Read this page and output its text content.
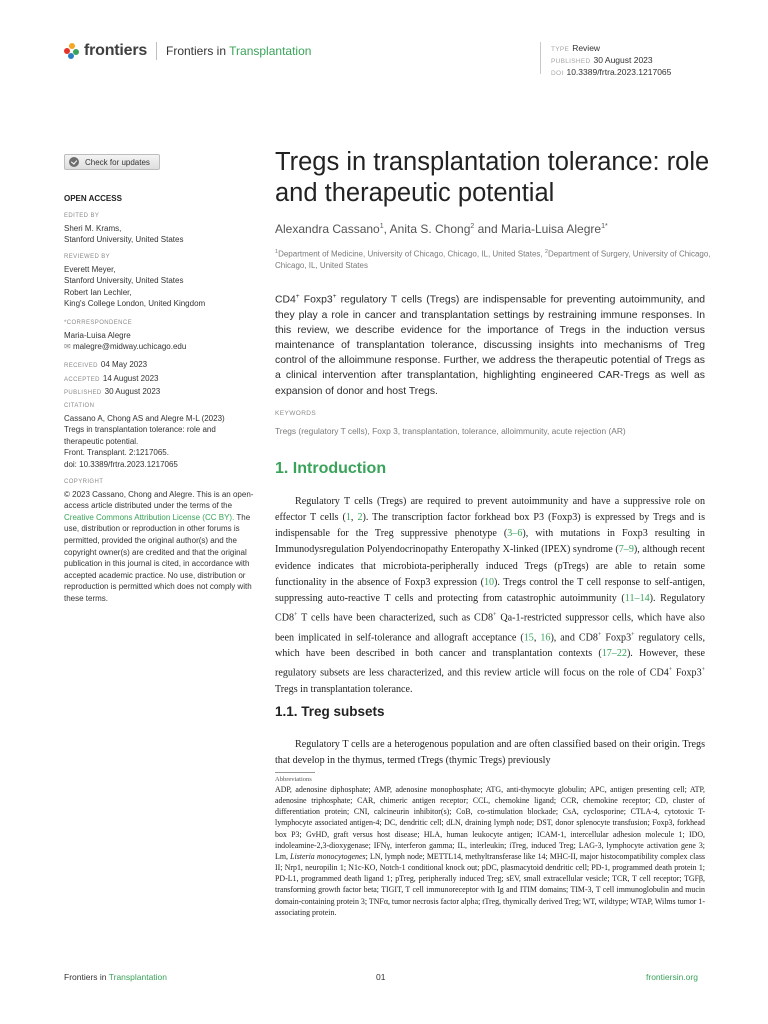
frontiers Frontiers in Transplantation	TYPE Review
PUBLISHED 30 August 2023
DOI 10.3389/frtra.2023.1217065
Check for updates
OPEN ACCESS
EDITED BY
Sheri M. Krams,
Stanford University, United States
REVIEWED BY
Everett Meyer,
Stanford University, United States
Robert Ian Lechler,
King's College London, United Kingdom
*CORRESPONDENCE
Maria-Luisa Alegre
✉ malegre@midway.uchicago.edu
RECEIVED 04 May 2023
ACCEPTED 14 August 2023
PUBLISHED 30 August 2023
CITATION
Cassano A, Chong AS and Alegre M-L (2023)
Tregs in transplantation tolerance: role and therapeutic potential.
Front. Transplant. 2:1217065.
doi: 10.3389/frtra.2023.1217065
COPYRIGHT
© 2023 Cassano, Chong and Alegre. This is an open-access article distributed under the terms of the Creative Commons Attribution License (CC BY). The use, distribution or reproduction in other forums is permitted, provided the original author(s) and the copyright owner(s) are credited and that the original publication in this journal is cited, in accordance with accepted academic practice. No use, distribution or reproduction is permitted which does not comply with these terms.
Tregs in transplantation tolerance: role and therapeutic potential
Alexandra Cassano$^1$, Anita S. Chong$^2$ and Maria-Luisa Alegre$^{1*}$
$^1$Department of Medicine, University of Chicago, Chicago, IL, United States, $^2$Department of Surgery, University of Chicago, Chicago, IL, United States
CD4+ Foxp3+ regulatory T cells (Tregs) are indispensable for preventing autoimmunity, and they play a role in cancer and transplantation settings by restraining immune responses. In this review, we describe evidence for the importance of Tregs in the induction versus maintenance of transplantation tolerance, discussing insights into mechanisms of Treg control of the alloimmune response. Further, we address the therapeutic potential of Tregs as a clinical intervention after transplantation, highlighting engineered CAR-Tregs as well as expansion of donor and host Tregs.
KEYWORDS
Tregs (regulatory T cells), Foxp 3, transplantation, tolerance, alloimmunity, acute rejection (AR)
1. Introduction
Regulatory T cells (Tregs) are required to prevent autoimmunity and have a suppressive role on effector T cells (1, 2). The transcription factor forkhead box P3 (Foxp3) is expressed by Tregs and is indispensable for the Treg suppressive phenotype (3–6), with mutations in Foxp3 resulting in Immunodysregulation Polyendocrinopathy Enteropathy X-linked (IPEX) syndrome (7–9), although recent evidence indicates that microbiota-peripherally induced Tregs (pTregs) are able to retain some functionality in the absence of Foxp3 expression (10). Tregs control the T cell response to self-antigen, suppressing auto-reactive T cells and protecting from catastrophic autoimmunity (11–14). Regulatory CD8+ T cells have been characterized, such as CD8+ Qa-1-restricted suppressor cells, which have also been implicated in self-tolerance and allograft acceptance (15, 16), and CD8+ Foxp3+ regulatory cells, which have been described in both cancer and transplantation contexts (17–22). However, these regulatory subsets are less characterized, and this review article will focus on the role of CD4+ Foxp3+ Tregs in transplantation tolerance.
1.1. Treg subsets
Regulatory T cells are a heterogenous population and are often classified based on their origin. Tregs that develop in the thymus, termed tTregs (thymic Tregs) previously
Abbreviations
ADP, adenosine diphosphate; AMP, adenosine monophosphate; ATG, anti-thymocyte globulin; APC, antigen presenting cell; ATP, adenosine triphosphate; CAR, chimeric antigen receptor; CCL, chemokine ligand; CCR, chemokine receptor; CD, cluster of differentiation protein; CNI, calcineurin inhibitor(s); CoB, co-stimulation blockade; CsA, cyclosporine; CTLA-4, cytotoxic T-lymphocyte associated antigen-4; DC, dendritic cell; dLN, draining lymph node; DST, donor splenocyte transfusion; Foxp3, forkhead box P3; GvHD, graft versus host disease; HLA, human leukocyte antigen; ICAM-1, intercellular adhesion molecule 1; IDO, indoleamine-2,3-dioxygenase; IFNγ, interferon gamma; IL, interleukin; iTreg, induced Treg; LAG-3, lymphocyte activation gene 3; Lm, Listeria monocytogenes; LN, lymph node; METTL14, methyltransferase like 14; MHC-II, major histocompatibility complex class II; Nrp1, neuropilin 1; N1c-KO, Notch-1 conditional knock out; pDC, plasmacytoid dendritic cell; PD-1, programmed death protein 1; PD-L1, programmed death ligand 1; pTreg, peripherally induced Treg; sEV, small extracellular vesicle; TCR, T cell receptor; TGFβ, transforming growth factor beta; TIGIT, T cell immunoreceptor with Ig and ITIM domains; TIM-3, T cell immunoglobulin and mucin domain-containing protein 3; TNFα, tumor necrosis factor alpha; tTreg, thymically derived Treg; WT, wildtype; WTAP, Wilms tumor 1-associating protein.
Frontiers in Transplantation	01	frontiersin.org
